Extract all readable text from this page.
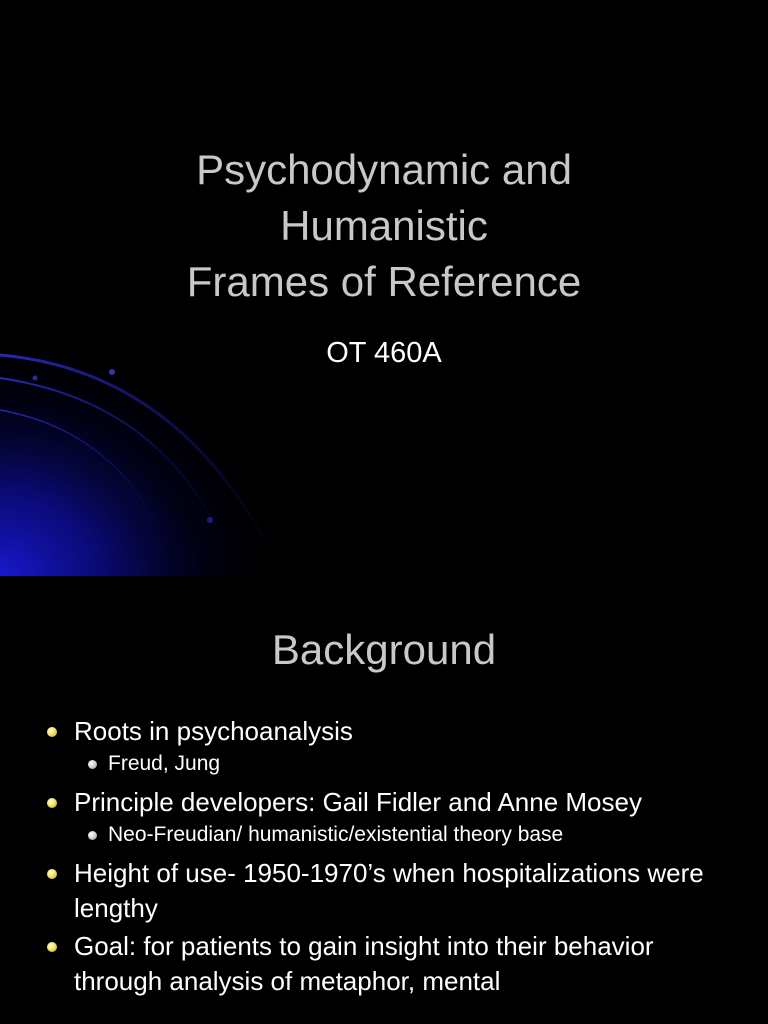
Psychodynamic and
Humanistic
Frames of Reference
OT 460A
Background
Roots in psychoanalysis
Freud, Jung
Principle developers: Gail Fidler and Anne Mosey
Neo-Freudian/ humanistic/existential theory base
Height of use- 1950-1970’s when hospitalizations were lengthy
Goal: for patients to gain insight into their behavior through analysis of metaphor, mental
